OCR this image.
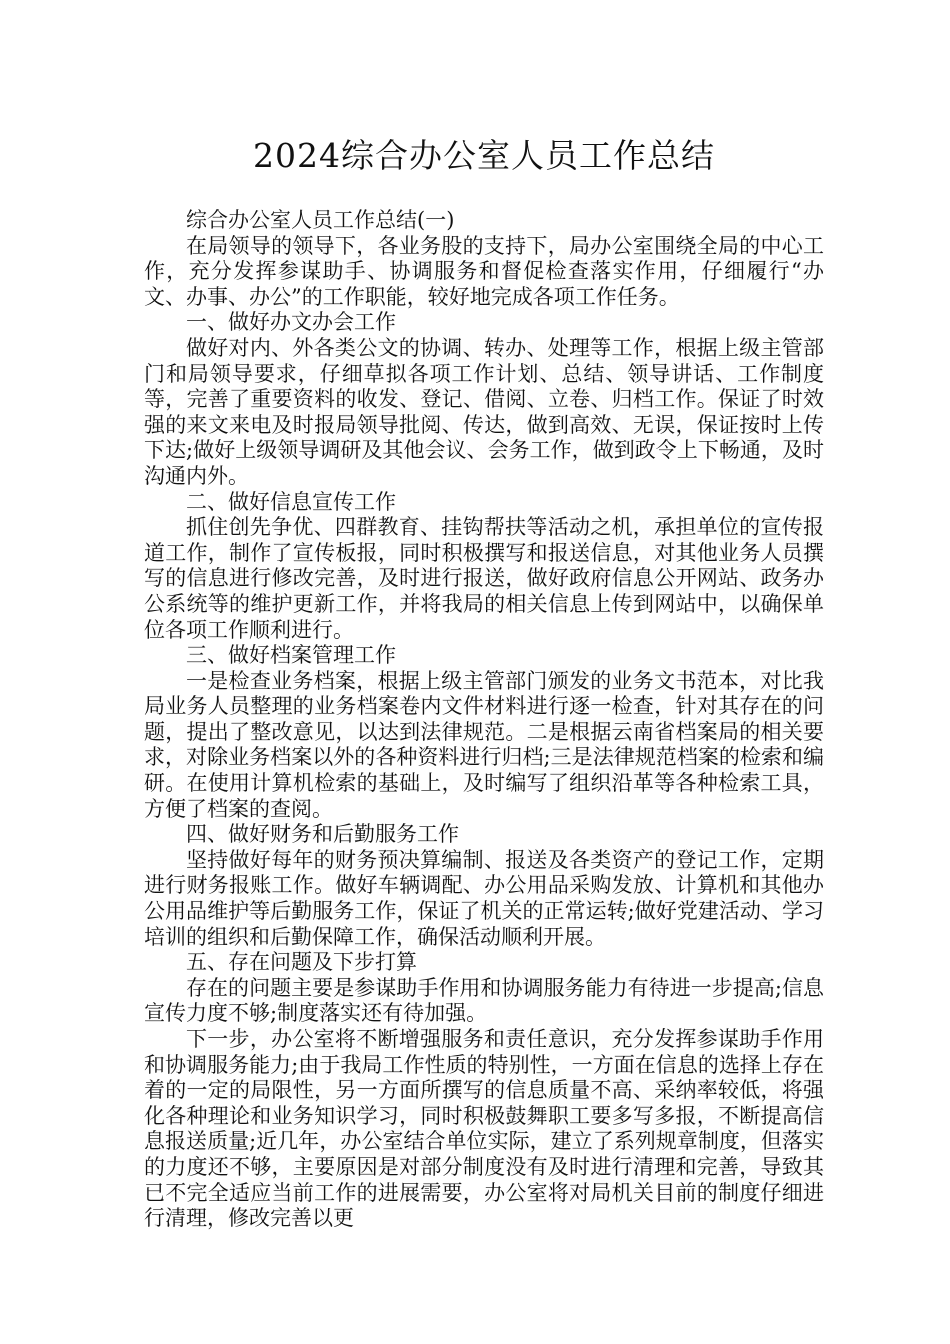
2024综合办公室人员工作总结

综合办公室人员工作总结(一)

在局领导的领导下，各业务股的支持下，局办公室围绕全局的中心工作，充分发挥参谋助手、协调服务和督促检查落实作用，仔细履行“办文、办事、办公”的工作职能，较好地完成各项工作任务。

一、做好办文办会工作

做好对内、外各类公文的协调、转办、处理等工作，根据上级主管部门和局领导要求，仔细草拟各项工作计划、总结、领导讲话、工作制度等，完善了重要资料的收发、登记、借阅、立卷、归档工作。保证了时效强的来文来电及时报局领导批阅、传达，做到高效、无误，保证按时上传下达;做好上级领导调研及其他会议、会务工作，做到政令上下畅通，及时沟通内外。

二、做好信息宣传工作

抓住创先争优、四群教育、挂钩帮扶等活动之机，承担单位的宣传报道工作，制作了宣传板报，同时积极撰写和报送信息，对其他业务人员撰写的信息进行修改完善，及时进行报送，做好政府信息公开网站、政务办公系统等的维护更新工作，并将我局的相关信息上传到网站中，以确保单位各项工作顺利进行。

三、做好档案管理工作

一是检查业务档案，根据上级主管部门颁发的业务文书范本，对比我局业务人员整理的业务档案卷内文件材料进行逐一检查，针对其存在的问题，提出了整改意见，以达到法律规范。二是根据云南省档案局的相关要求，对除业务档案以外的各种资料进行归档;三是法律规范档案的检索和编研。在使用计算机检索的基础上，及时编写了组织沿革等各种检索工具，方便了档案的查阅。

四、做好财务和后勤服务工作

坚持做好每年的财务预决算编制、报送及各类资产的登记工作，定期进行财务报账工作。做好车辆调配、办公用品采购发放、计算机和其他办公用品维护等后勤服务工作，保证了机关的正常运转;做好党建活动、学习培训的组织和后勤保障工作，确保活动顺利开展。

五、存在问题及下步打算

存在的问题主要是参谋助手作用和协调服务能力有待进一步提高;信息宣传力度不够;制度落实还有待加强。

下一步，办公室将不断增强服务和责任意识，充分发挥参谋助手作用和协调服务能力;由于我局工作性质的特别性，一方面在信息的选择上存在着的一定的局限性，另一方面所撰写的信息质量不高、采纳率较低，将强化各种理论和业务知识学习，同时积极鼓舞职工要多写多报，不断提高信息报送质量;近几年，办公室结合单位实际，建立了系列规章制度，但落实的力度还不够，主要原因是对部分制度没有及时进行清理和完善，导致其已不完全适应当前工作的进展需要，办公室将对局机关目前的制度仔细进行清理，修改完善以更
